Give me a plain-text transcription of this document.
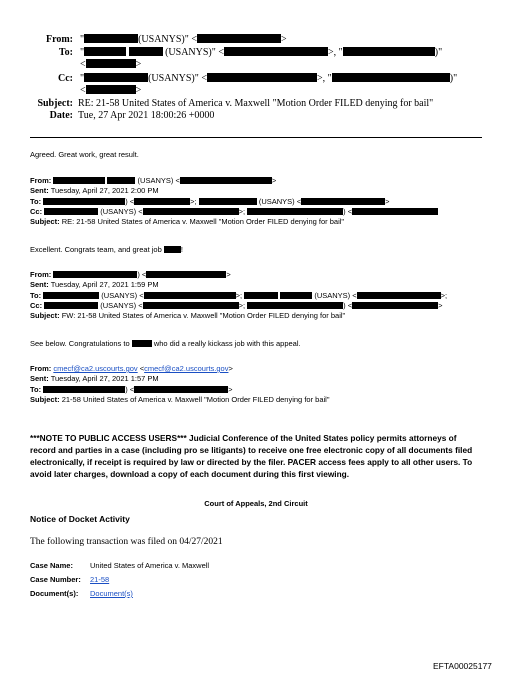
From: "	(USANYS)" <	>
To: "	(USANYS)" <	>, "	)"
<	>
Cc: "	(USANYS)" <	>, "	)"
<	>
Subject: RE: 21-58 United States of America v. Maxwell "Motion Order FILED denying for bail"
Date: Tue, 27 Apr 2021 18:00:26 +0000
Agreed. Great work, great result.
From:	(USANYS) <	>
Sent: Tuesday, April 27, 2021 2:00 PM
To:	) <	>;	(USANYS) <	>
Cc:	(USANYS) <	>;	) <
Subject: RE: 21-58 United States of America v. Maxwell "Motion Order FILED denying for bail"
Excellent. Congrats team, and great job	!
From:	) <	>
Sent: Tuesday, April 27, 2021 1:59 PM
To:	(USANYS) <	>;	(USANYS) <	>;
Cc:	(USANYS) <	>;	) <	>
Subject: FW: 21-58 United States of America v. Maxwell "Motion Order FILED denying for bail"
See below. Congratulations to	who did a really kickass job with this appeal.
From: cmecf@ca2.uscourts.gov <cmecf@ca2.uscourts.gov>
Sent: Tuesday, April 27, 2021 1:57 PM
To:	) <	>
Subject: 21-58 United States of America v. Maxwell "Motion Order FILED denying for bail"
***NOTE TO PUBLIC ACCESS USERS*** Judicial Conference of the United States policy permits attorneys of record and parties in a case (including pro se litigants) to receive one free electronic copy of all documents filed electronically, if receipt is required by law or directed by the filer. PACER access fees apply to all other users. To avoid later charges, download a copy of each document during this first viewing.
Court of Appeals, 2nd Circuit
Notice of Docket Activity
The following transaction was filed on 04/27/2021
Case Name: United States of America v. Maxwell
Case Number: 21-58
Document(s): Document(s)
EFTA00025177
